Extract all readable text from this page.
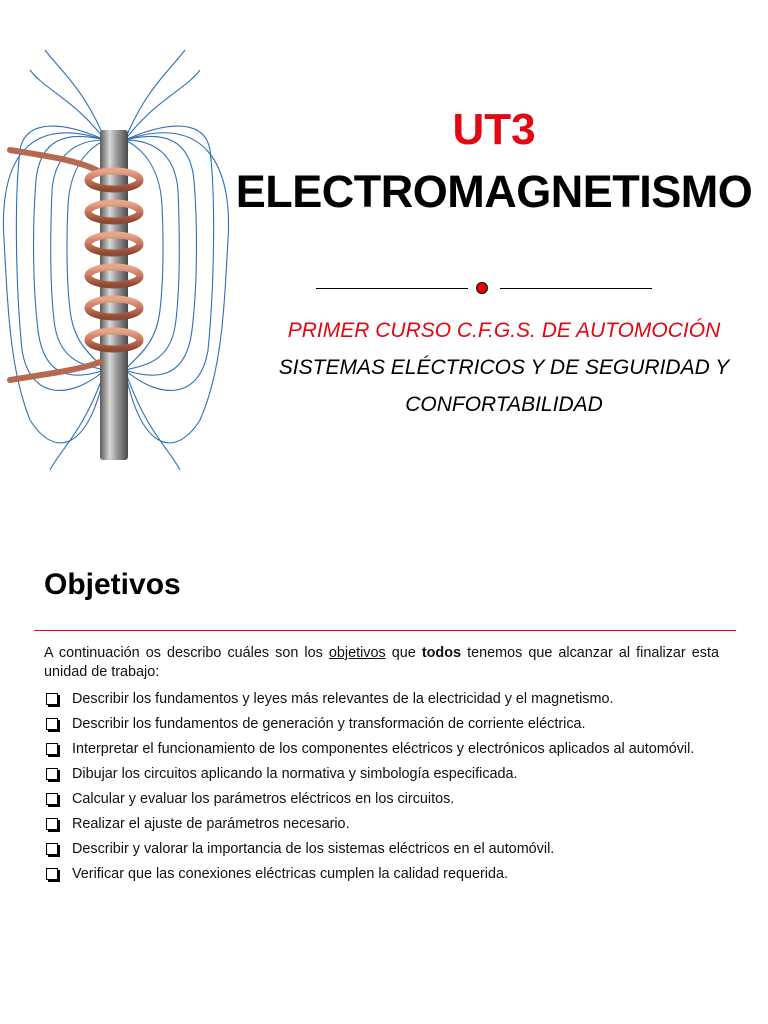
UT3
ELECTROMAGNETISMO
PRIMER CURSO C.F.G.S. DE AUTOMOCIÓN
SISTEMAS ELÉCTRICOS Y DE SEGURIDAD Y
CONFORTABILIDAD
Objetivos

A continuación os describo cuáles son los objetivos que todos tenemos que alcanzar al finalizar esta unidad de trabajo:

Describir los fundamentos y leyes más relevantes de la electricidad y el magnetismo.
Describir los fundamentos de generación y transformación de corriente eléctrica.
Interpretar el funcionamiento de los componentes eléctricos y electrónicos aplicados al automóvil.
Dibujar los circuitos aplicando la normativa y simbología especificada.
Calcular y evaluar los parámetros eléctricos en los circuitos.
Realizar el ajuste de parámetros necesario.
Describir y valorar la importancia de los sistemas eléctricos en el automóvil.
Verificar que las conexiones eléctricas cumplen la calidad requerida.
